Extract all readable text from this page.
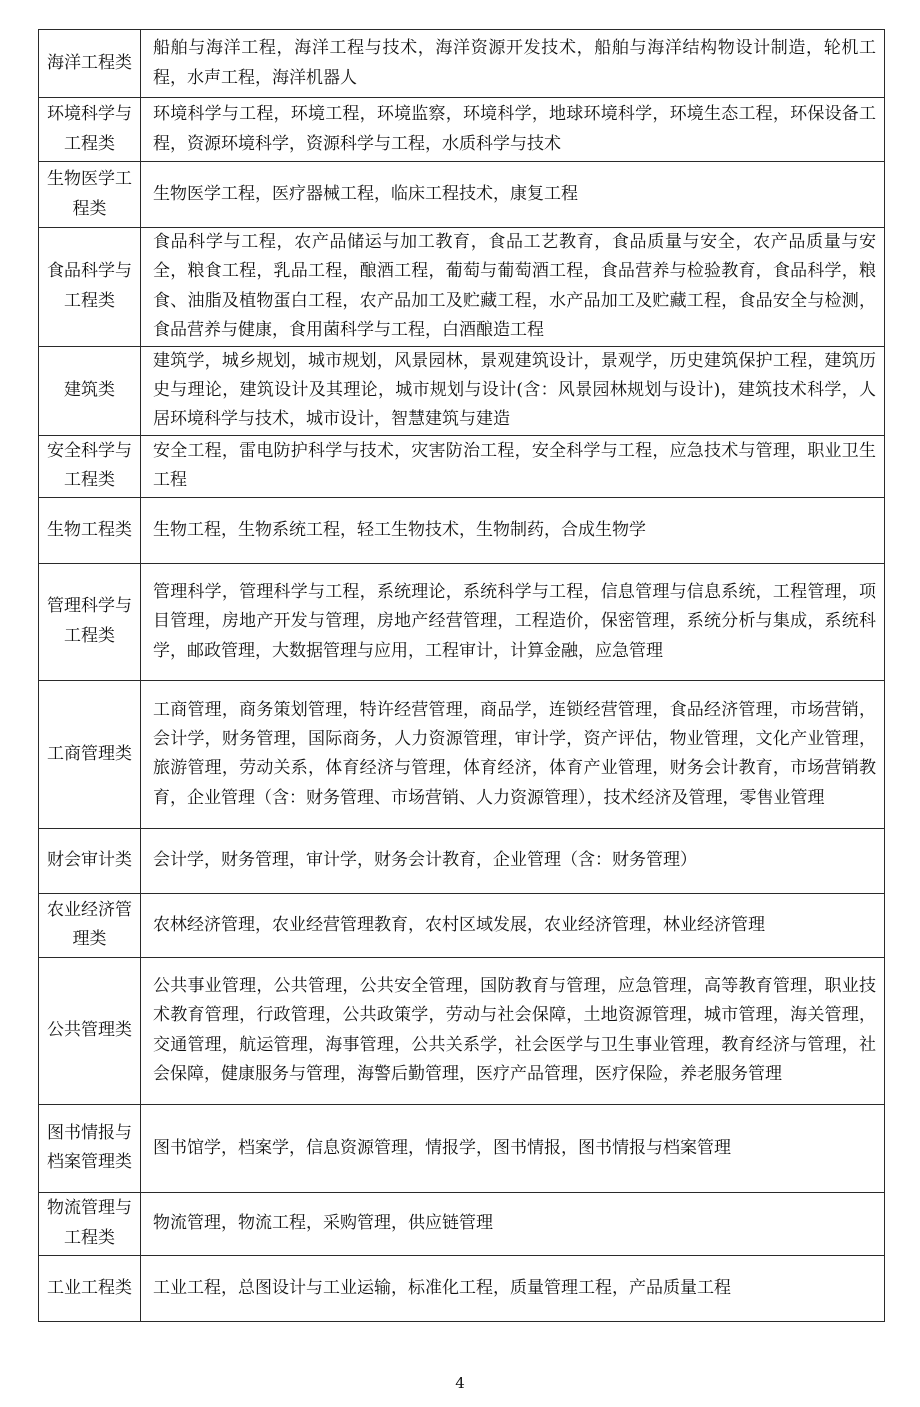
海洋工程类	船舶与海洋工程，海洋工程与技术，海洋资源开发技术，船舶与海洋结构物设计制造，轮机工程，水声工程，海洋机器人
环境科学与工程类	环境科学与工程，环境工程，环境监察，环境科学，地球环境科学，环境生态工程，环保设备工程，资源环境科学，资源科学与工程，水质科学与技术
生物医学工程类	生物医学工程，医疗器械工程，临床工程技术，康复工程
食品科学与工程类	食品科学与工程，农产品储运与加工教育，食品工艺教育，食品质量与安全，农产品质量与安全，粮食工程，乳品工程，酿酒工程，葡萄与葡萄酒工程，食品营养与检验教育，食品科学，粮食、油脂及植物蛋白工程，农产品加工及贮藏工程，水产品加工及贮藏工程，食品安全与检测，食品营养与健康，食用菌科学与工程，白酒酿造工程
建筑类	建筑学，城乡规划，城市规划，风景园林，景观建筑设计，景观学，历史建筑保护工程，建筑历史与理论，建筑设计及其理论，城市规划与设计(含：风景园林规划与设计)，建筑技术科学，人居环境科学与技术，城市设计，智慧建筑与建造
安全科学与工程类	安全工程，雷电防护科学与技术，灾害防治工程，安全科学与工程，应急技术与管理，职业卫生工程
生物工程类	生物工程，生物系统工程，轻工生物技术，生物制药，合成生物学
管理科学与工程类	管理科学，管理科学与工程，系统理论，系统科学与工程，信息管理与信息系统，工程管理，项目管理，房地产开发与管理，房地产经营管理，工程造价，保密管理，系统分析与集成，系统科学，邮政管理，大数据管理与应用，工程审计，计算金融，应急管理
工商管理类	工商管理，商务策划管理，特许经营管理，商品学，连锁经营管理，食品经济管理，市场营销，会计学，财务管理，国际商务，人力资源管理，审计学，资产评估，物业管理，文化产业管理，旅游管理，劳动关系，体育经济与管理，体育经济，体育产业管理，财务会计教育，市场营销教育，企业管理（含：财务管理、市场营销、人力资源管理），技术经济及管理，零售业管理
财会审计类	会计学，财务管理，审计学，财务会计教育，企业管理（含：财务管理）
农业经济管理类	农林经济管理，农业经营管理教育，农村区域发展，农业经济管理，林业经济管理
公共管理类	公共事业管理，公共管理，公共安全管理，国防教育与管理，应急管理，高等教育管理，职业技术教育管理，行政管理，公共政策学，劳动与社会保障，土地资源管理，城市管理，海关管理，交通管理，航运管理，海事管理，公共关系学，社会医学与卫生事业管理，教育经济与管理，社会保障，健康服务与管理，海警后勤管理，医疗产品管理，医疗保险，养老服务管理
图书情报与档案管理类	图书馆学，档案学，信息资源管理，情报学，图书情报，图书情报与档案管理
物流管理与工程类	物流管理，物流工程，采购管理，供应链管理
工业工程类	工业工程，总图设计与工业运输，标准化工程，质量管理工程，产品质量工程
4
